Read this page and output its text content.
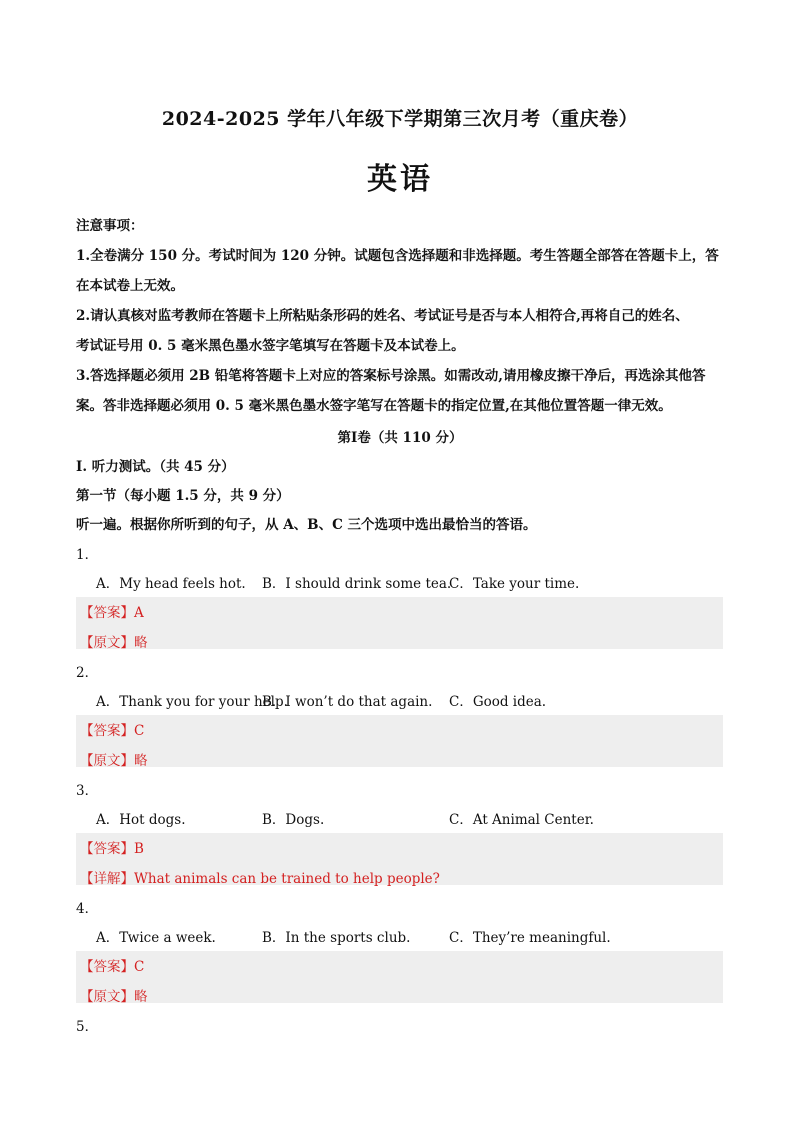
2024-2025 学年八年级下学期第三次月考（重庆卷）
英语
注意事项：
1.全卷满分 150 分。考试时间为 120 分钟。试题包含选择题和非选择题。考生答题全部答在答题卡上，答
在本试卷上无效。
2.请认真核对监考教师在答题卡上所粘贴条形码的姓名、考试证号是否与本人相符合,再将自己的姓名、
考试证号用 0. 5 毫米黑色墨水签字笔填写在答题卡及本试卷上。
3.答选择题必须用 2B 铅笔将答题卡上对应的答案标号涂黑。如需改动,请用橡皮擦干净后，再选涂其他答
案。答非选择题必须用 0. 5 毫米黑色墨水签字笔写在答题卡的指定位置,在其他位置答题一律无效。
第Ⅰ卷（共 110 分）
I. 听力测试。（共 45 分）
第一节（每小题 1.5 分，共 9 分）
听一遍。根据你所听到的句子，从 A、B、C 三个选项中选出最恰当的答语。
1．
A．My head feels hot. B．I should drink some tea.
C．Take your time.
【答案】A
【原文】略
2．
A．Thank you for your help.
B．I won’t do that again. C．Good idea.
【答案】C
【原文】略
3．
A．Hot dogs.	B．Dogs.	C．At Animal Center.
【答案】B
【详解】What animals can be trained to help people?
4．
A．Twice a week.	B．In the sports club.	C．They’re meaningful.
【答案】C
【原文】略
5．
